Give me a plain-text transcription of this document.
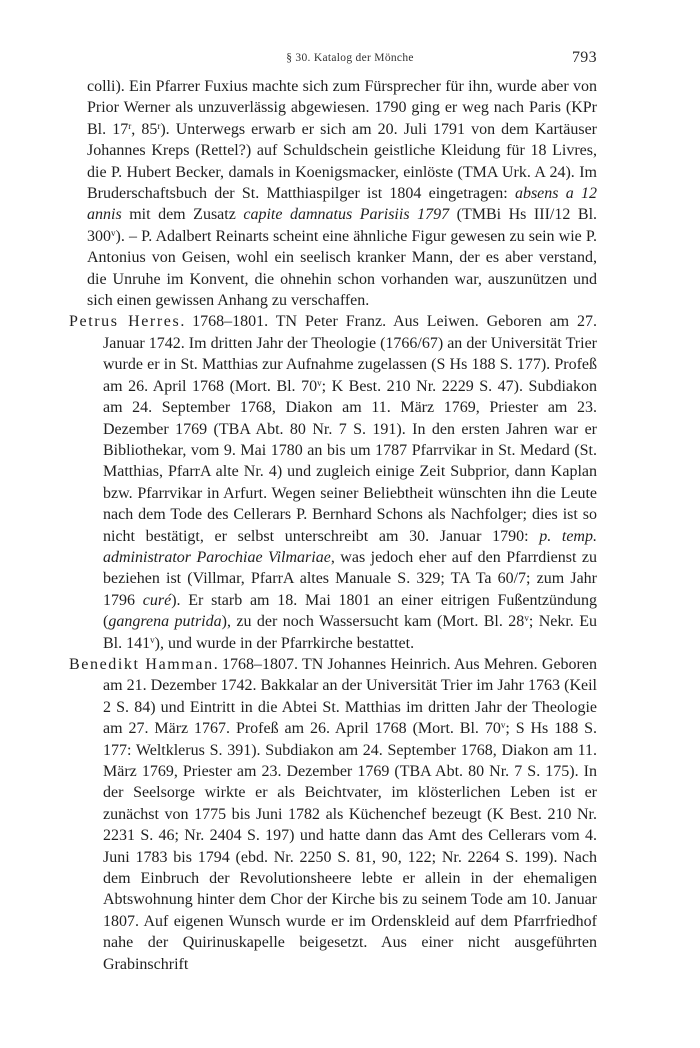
§ 30. Katalog der Mönche	793

colli). Ein Pfarrer Fuxius machte sich zum Fürsprecher für ihn, wurde aber von Prior Werner als unzuverlässig abgewiesen. 1790 ging er weg nach Paris (KPr Bl. 17$^r$, 85$^r$). Unterwegs erwarb er sich am 20. Juli 1791 von dem Kartäuser Johannes Kreps (Rettel?) auf Schuldschein geistliche Kleidung für 18 Livres, die P. Hubert Becker, damals in Koenigsmacker, einlöste (TMA Urk. A 24). Im Bruderschaftsbuch der St. Matthiaspilger ist 1804 eingetragen: absens a 12 annis mit dem Zusatz capite damnatus Parisiis 1797 (TMBi Hs III/12 Bl. 300$^v$). – P. Adalbert Reinarts scheint eine ähnliche Figur gewesen zu sein wie P. Antonius von Geisen, wohl ein seelisch kranker Mann, der es aber verstand, die Unruhe im Konvent, die ohnehin schon vorhanden war, auszunützen und sich einen gewissen Anhang zu verschaffen.

Petrus Herres. 1768–1801. TN Peter Franz. Aus Leiwen. Geboren am 27. Januar 1742. Im dritten Jahr der Theologie (1766/67) an der Universität Trier wurde er in St. Matthias zur Aufnahme zugelassen (S Hs 188 S. 177). Profeß am 26. April 1768 (Mort. Bl. 70$^v$; K Best. 210 Nr. 2229 S. 47). Subdiakon am 24. September 1768, Diakon am 11. März 1769, Priester am 23. Dezember 1769 (TBA Abt. 80 Nr. 7 S. 191). In den ersten Jahren war er Bibliothekar, vom 9. Mai 1780 an bis um 1787 Pfarrvikar in St. Medard (St. Matthias, PfarrA alte Nr. 4) und zugleich einige Zeit Subprior, dann Kaplan bzw. Pfarrvikar in Arfurt. Wegen seiner Beliebtheit wünschten ihn die Leute nach dem Tode des Cellerars P. Bernhard Schons als Nachfolger; dies ist so nicht bestätigt, er selbst unterschreibt am 30. Januar 1790: p. temp. administrator Parochiae Vilmariae, was jedoch eher auf den Pfarrdienst zu beziehen ist (Villmar, PfarrA altes Manuale S. 329; TA Ta 60/7; zum Jahr 1796 curé). Er starb am 18. Mai 1801 an einer eitrigen Fußentzündung (gangrena putrida), zu der noch Wassersucht kam (Mort. Bl. 28$^v$; Nekr. Eu Bl. 141$^v$), und wurde in der Pfarrkirche bestattet.

Benedikt Hamman. 1768–1807. TN Johannes Heinrich. Aus Mehren. Geboren am 21. Dezember 1742. Bakkalar an der Universität Trier im Jahr 1763 (Keil 2 S. 84) und Eintritt in die Abtei St. Matthias im dritten Jahr der Theologie am 27. März 1767. Profeß am 26. April 1768 (Mort. Bl. 70$^v$; S Hs 188 S. 177: Weltklerus S. 391). Subdiakon am 24. September 1768, Diakon am 11. März 1769, Priester am 23. Dezember 1769 (TBA Abt. 80 Nr. 7 S. 175). In der Seelsorge wirkte er als Beichtvater, im klösterlichen Leben ist er zunächst von 1775 bis Juni 1782 als Küchenchef bezeugt (K Best. 210 Nr. 2231 S. 46; Nr. 2404 S. 197) und hatte dann das Amt des Cellerars vom 4. Juni 1783 bis 1794 (ebd. Nr. 2250 S. 81, 90, 122; Nr. 2264 S. 199). Nach dem Einbruch der Revolutionsheere lebte er allein in der ehemaligen Abtswohnung hinter dem Chor der Kirche bis zu seinem Tode am 10. Januar 1807. Auf eigenen Wunsch wurde er im Ordenskleid auf dem Pfarrfriedhof nahe der Quirinuskapelle beigesetzt. Aus einer nicht ausgeführten Grabinschrift
